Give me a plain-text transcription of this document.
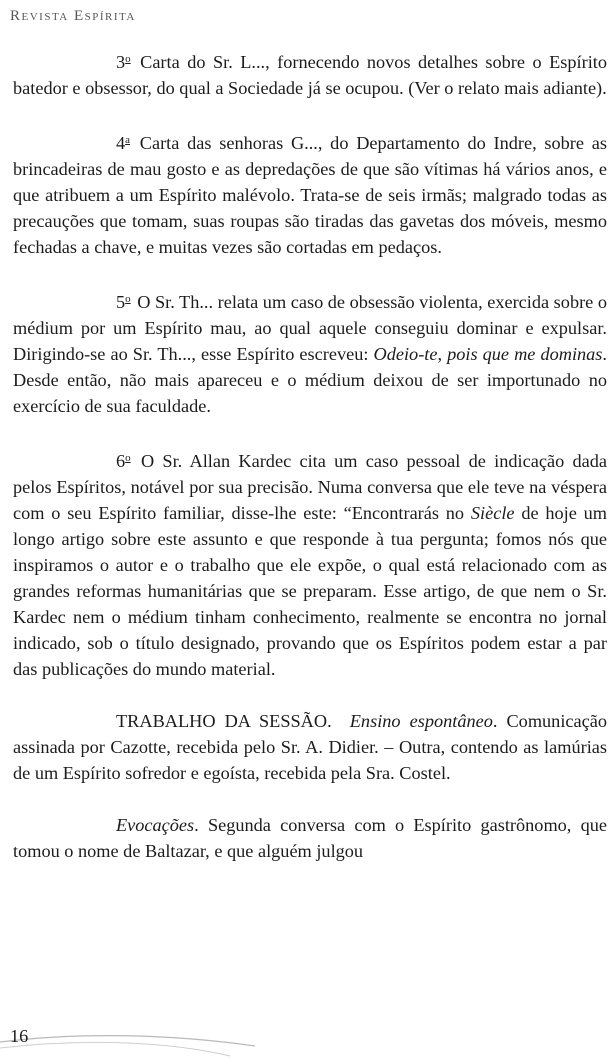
Revista Espírita

3$^o$ Carta do Sr. L..., fornecendo novos detalhes sobre o Espírito batedor e obsessor, do qual a Sociedade já se ocupou. (Ver o relato mais adiante).

4$^a$ Carta das senhoras G..., do Departamento do Indre, sobre as brincadeiras de mau gosto e as depredações de que são vítimas há vários anos, e que atribuem a um Espírito malévolo. Trata-se de seis irmãs; malgrado todas as precauções que tomam, suas roupas são tiradas das gavetas dos móveis, mesmo fechadas a chave, e muitas vezes são cortadas em pedaços.

5$^o$ O Sr. Th... relata um caso de obsessão violenta, exercida sobre o médium por um Espírito mau, ao qual aquele conseguiu dominar e expulsar. Dirigindo-se ao Sr. Th..., esse Espírito escreveu: Odeio-te, pois que me dominas. Desde então, não mais apareceu e o médium deixou de ser importunado no exercício de sua faculdade.

6$^o$ O Sr. Allan Kardec cita um caso pessoal de indicação dada pelos Espíritos, notável por sua precisão. Numa conversa que ele teve na véspera com o seu Espírito familiar, disse-lhe este: “Encontrarás no Siècle de hoje um longo artigo sobre este assunto e que responde à tua pergunta; fomos nós que inspiramos o autor e o trabalho que ele expõe, o qual está relacionado com as grandes reformas humanitárias que se preparam. Esse artigo, de que nem o Sr. Kardec nem o médium tinham conhecimento, realmente se encontra no jornal indicado, sob o título designado, provando que os Espíritos podem estar a par das publicações do mundo material.

TRABALHO DA SESSÃO. Ensino espontâneo. Comunicação assinada por Cazotte, recebida pelo Sr. A. Didier. – Outra, contendo as lamúrias de um Espírito sofredor e egoísta, recebida pela Sra. Costel.

Evocações. Segunda conversa com o Espírito gastrônomo, que tomou o nome de Baltazar, e que alguém julgou

16
